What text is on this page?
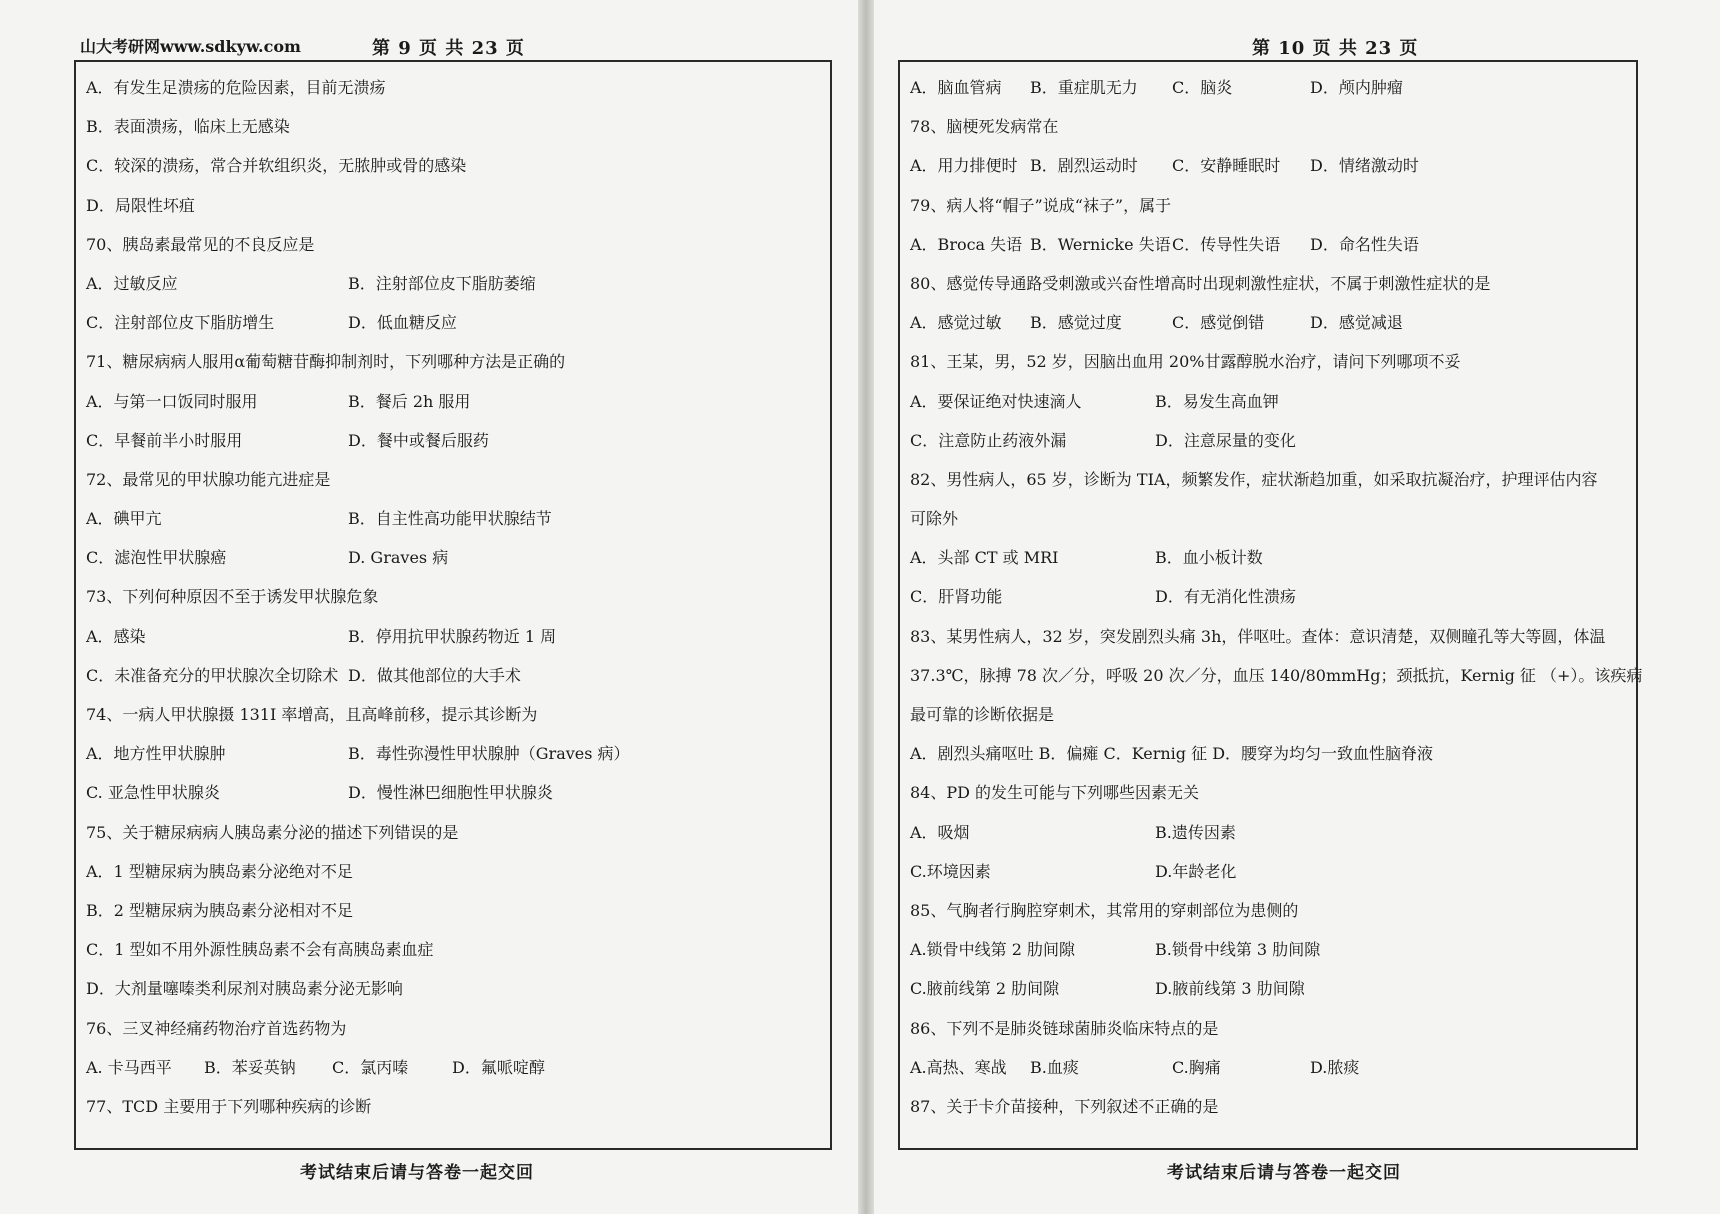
山大考研网www.sdkyw.com	第 9 页 共 23 页
A．有发生足溃疡的危险因素，目前无溃疡
B．表面溃疡，临床上无感染
C．较深的溃疡，常合并软组织炎，无脓肿或骨的感染
D．局限性坏疽
70、胰岛素最常见的不良反应是
A．过敏反应	B．注射部位皮下脂肪萎缩
C．注射部位皮下脂肪增生	D．低血糖反应
71、糖尿病病人服用α葡萄糖苷酶抑制剂时，下列哪种方法是正确的
A．与第一口饭同时服用	B．餐后 2h 服用
C．早餐前半小时服用	D．餐中或餐后服药
72、最常见的甲状腺功能亢进症是
A．碘甲亢	B．自主性高功能甲状腺结节
C．滤泡性甲状腺癌	D. Graves 病
73、下列何种原因不至于诱发甲状腺危象
A．感染	B．停用抗甲状腺药物近 1 周
C．未准备充分的甲状腺次全切除术 D．做其他部位的大手术
74、一病人甲状腺摄 131I 率增高，且高峰前移，提示其诊断为
A．地方性甲状腺肿	B．毒性弥漫性甲状腺肿（Graves 病）
C. 亚急性甲状腺炎	D．慢性淋巴细胞性甲状腺炎
75、关于糖尿病病人胰岛素分泌的描述下列错误的是
A．1 型糖尿病为胰岛素分泌绝对不足
B．2 型糖尿病为胰岛素分泌相对不足
C．1 型如不用外源性胰岛素不会有高胰岛素血症
D．大剂量噻嗪类利尿剂对胰岛素分泌无影响
76、三叉神经痛药物治疗首选药物为
A. 卡马西平 B．苯妥英钠 C．氯丙嗪	D．氟哌啶醇
77、TCD 主要用于下列哪种疾病的诊断
考试结束后请与答卷一起交回
第 10 页 共 23 页
A．脑血管病 B．重症肌无力 C．脑炎	D．颅内肿瘤
78、脑梗死发病常在
A．用力排便时 B．剧烈运动时 C．安静睡眠时 D．情绪激动时
79、病人将“帽子”说成“袜子”，属于
A．Broca 失语 B．Wernicke 失语 C．传导性失语 D．命名性失语
80、感觉传导通路受刺激或兴奋性增高时出现刺激性症状，不属于刺激性症状的是
A．感觉过敏 B．感觉过度	C．感觉倒错	D．感觉减退
81、王某，男，52 岁，因脑出血用 20%甘露醇脱水治疗，请问下列哪项不妥
A．要保证绝对快速滴人	B．易发生高血钾
C．注意防止药液外漏	D．注意尿量的变化
82、男性病人，65 岁，诊断为 TIA，频繁发作，症状渐趋加重，如采取抗凝治疗，护理评估内容
可除外
A．头部 CT 或 MRI	B．血小板计数
C．肝肾功能	D．有无消化性溃疡
83、某男性病人，32 岁，突发剧烈头痛 3h，伴呕吐。查体：意识清楚，双侧瞳孔等大等圆，体温
37.3℃，脉搏 78 次／分，呼吸 20 次／分，血压 140/80mmHg；颈抵抗，Kernig 征 （+）。该疾病
最可靠的诊断依据是
A．剧烈头痛呕吐 B．偏瘫 C．Kernig 征 D．腰穿为均匀一致血性脑脊液
84、PD 的发生可能与下列哪些因素无关
A．吸烟	B.遗传因素
C.环境因素	D.年龄老化
85、气胸者行胸腔穿刺术，其常用的穿刺部位为患侧的
A.锁骨中线第 2 肋间隙	B.锁骨中线第 3 肋间隙
C.腋前线第 2 肋间隙	D.腋前线第 3 肋间隙
86、下列不是肺炎链球菌肺炎临床特点的是
A.高热、寒战 B.血痰	C.胸痛	D.脓痰
87、关于卡介苗接种，下列叙述不正确的是
考试结束后请与答卷一起交回
